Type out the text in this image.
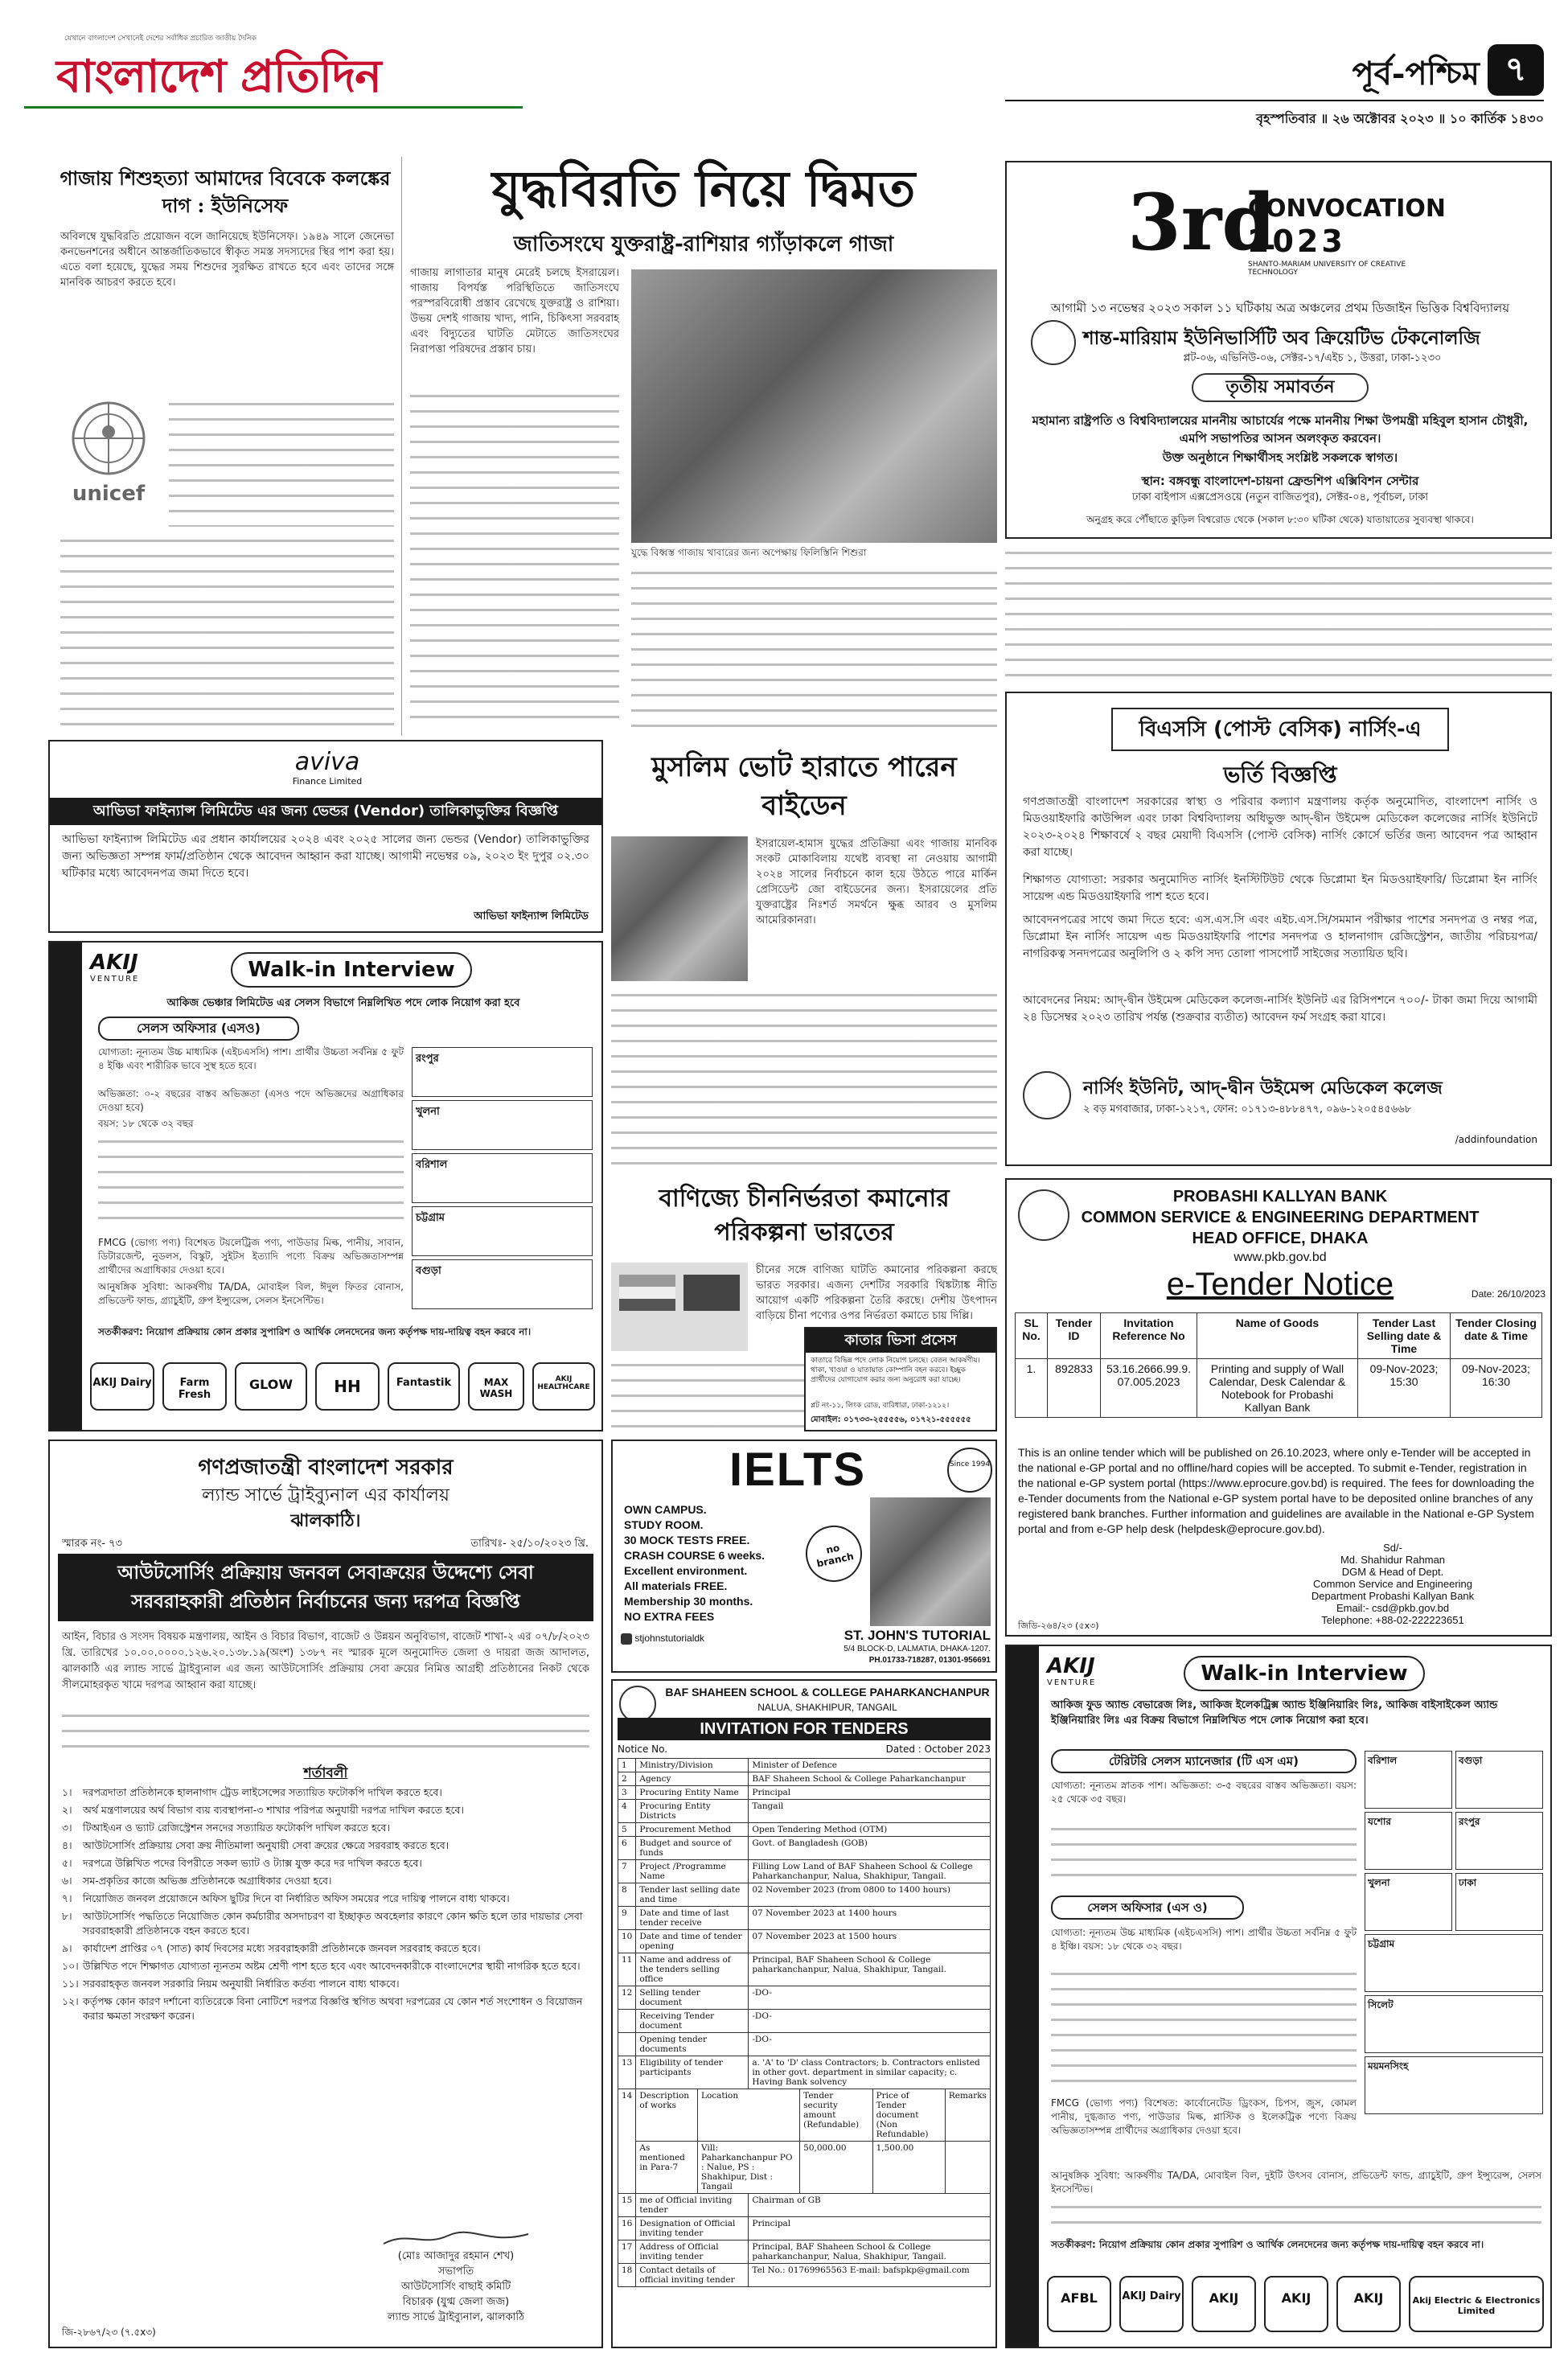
যেখানে বাংলাদেশ সেখানেই দেশের সর্বাধিক প্রচারিত জাতীয় দৈনিক
বাংলাদেশ প্রতিদিন	পূর্ব-পশ্চিম ৭
বৃহস্পতিবার ॥ ২৬ অক্টোবর ২০২৩ ॥ ১০ কার্তিক ১৪৩০
গাজায় শিশুহত্যা আমাদের বিবেকে কলঙ্কের দাগ : ইউনিসেফ
অবিলম্বে যুদ্ধবিরতি প্রয়োজন বলে জানিয়েছে ইউনিসেফ। ১৯৪৯ সালে জেনেভা কনভেনশনের অধীনে আন্তর্জাতিকভাবে স্বীকৃত সমস্ত সদস্যদের স্থির পাশ করা হয়। এতে বলা হয়েছে, যুদ্ধের সময় শিশুদের সুরক্ষিত রাখতে হবে এবং তাদের সঙ্গে মানবিক আচরণ করতে হবে।
unicef
যুদ্ধবিরতি নিয়ে দ্বিমত
জাতিসংঘে যুক্তরাষ্ট্র-রাশিয়ার গ্যাঁড়াকলে গাজা
গাজায় লাগাতার মানুষ মেরেই চলছে ইসরায়েল। গাজায় বিপর্যস্ত পরিস্থিতিতে জাতিসংঘে পরস্পরবিরোধী প্রস্তাব রেখেছে যুক্তরাষ্ট্র ও রাশিয়া। উভয় দেশই গাজায় খাদ্য, পানি, চিকিৎসা সরবরাহ এবং বিদ্যুতের ঘাটতি মেটাতে জাতিসংঘের নিরাপত্তা পরিষদের প্রস্তাব চায়।
যুদ্ধে বিধ্বস্ত গাজায় খাবারের জন্য অপেক্ষায় ফিলিস্তিনি শিশুরা
3rd
CONVOCATION
2023
SHANTO-MARIAM UNIVERSITY OF CREATIVE TECHNOLOGY
আগামী ১৩ নভেম্বর ২০২৩ সকাল ১১ ঘটিকায় অত্র অঞ্চলের প্রথম ডিজাইন ভিত্তিক বিশ্ববিদ্যালয়
শান্ত-মারিয়াম ইউনিভার্সিটি অব ক্রিয়েটিভ টেকনোলজি
প্লট-০৬, এভিনিউ-০৬, সেক্টর-১৭/এইচ ১, উত্তরা, ঢাকা-১২৩০
তৃতীয় সমাবর্তন
মহামান্য রাষ্ট্রপতি ও বিশ্ববিদ্যালয়ের মাননীয় আচার্যের পক্ষে মাননীয় শিক্ষা উপমন্ত্রী মহিবুল হাসান চৌধুরী, এমপি সভাপতির আসন অলংকৃত করবেন।
উক্ত অনুষ্ঠানে শিক্ষার্থীসহ সংশ্লিষ্ট সকলকে স্বাগত।
স্থান: বঙ্গবন্ধু বাংলাদেশ-চায়না ফ্রেন্ডশিপ এক্সিবিশন সেন্টার
ঢাকা বাইপাস এক্সপ্রেসওয়ে (নতুন বাজিতপুর), সেক্টর-০৪, পূর্বাচল, ঢাকা
অনুগ্রহ করে পৌঁছাতে কুড়িল বিশ্বরোড থেকে (সকাল ৮:৩০ ঘটিকা থেকে) যাতায়াতের সুব্যবস্থা থাকবে।
মুসলিম ভোট হারাতে পারেন বাইডেন
ইসরায়েল-হামাস যুদ্ধের প্রতিক্রিয়া এবং গাজায় মানবিক সংকট মোকাবিলায় যথেষ্ট ব্যবস্থা না নেওয়ায় আগামী ২০২৪ সালের নির্বাচনে কাল হয়ে উঠতে পারে মার্কিন প্রেসিডেন্ট জো বাইডেনের জন্য। ইসরায়েলের প্রতি যুক্তরাষ্ট্রের নিঃশর্ত সমর্থনে ক্ষুব্ধ আরব ও মুসলিম আমেরিকানরা।
বিএসসি (পোস্ট বেসিক) নার্সিং-এ
ভর্তি বিজ্ঞপ্তি
গণপ্রজাতন্ত্রী বাংলাদেশ সরকারের স্বাস্থ্য ও পরিবার কল্যাণ মন্ত্রণালয় কর্তৃক অনুমোদিত, বাংলাদেশ নার্সিং ও মিডওয়াইফারি কাউন্সিল এবং ঢাকা বিশ্ববিদ্যালয় অধিভুক্ত আদ্-দ্বীন উইমেন্স মেডিকেল কলেজের নার্সিং ইউনিটে ২০২৩-২০২৪ শিক্ষাবর্ষে ২ বছর মেয়াদী বিএসসি (পোস্ট বেসিক) নার্সিং কোর্সে ভর্তির জন্য আবেদন পত্র আহ্বান করা যাচ্ছে।
শিক্ষাগত যোগ্যতা: সরকার অনুমোদিত নার্সিং ইনস্টিটিউট থেকে ডিপ্লোমা ইন মিডওয়াইফারি/ ডিপ্লোমা ইন নার্সিং সায়েন্স এন্ড মিডওয়াইফারি পাশ হতে হবে।
আবেদনপত্রের সাথে জমা দিতে হবে: এস.এস.সি এবং এইচ.এস.সি/সমমান পরীক্ষার পাশের সনদপত্র ও নম্বর পত্র, ডিপ্লোমা ইন নার্সিং সায়েন্স এন্ড মিডওয়াইফারি পাশের সনদপত্র ও হালনাগাদ রেজিস্ট্রেশন, জাতীয় পরিচয়পত্র/নাগরিকত্ব সনদপত্রের অনুলিপি ও ২ কপি সদ্য তোলা পাসপোর্ট সাইজের সত্যায়িত ছবি।
আবেদনের নিয়ম: আদ্-দ্বীন উইমেন্স মেডিকেল কলেজ-নার্সিং ইউনিট এর রিসিপশনে ৭০০/- টাকা জমা দিয়ে আগামী ২৪ ডিসেম্বর ২০২৩ তারিখ পর্যন্ত (শুক্রবার ব্যতীত) আবেদন ফর্ম সংগ্রহ করা যাবে।
নার্সিং ইউনিট, আদ্-দ্বীন উইমেন্স মেডিকেল কলেজ
২ বড় মগবাজার, ঢাকা-১২১৭, ফোন: ০১৭১৩-৪৮৮৪৭৭, ০৯৬-১২০৫৪৫৬৬৮
/addinfoundation
aviva
Finance Limited
আভিভা ফাইন্যান্স লিমিটেড এর জন্য ভেন্ডর (Vendor) তালিকাভুক্তির বিজ্ঞপ্তি
আভিভা ফাইন্যান্স লিমিটেড এর প্রধান কার্যালয়ের ২০২৪ এবং ২০২৫ সালের জন্য ভেন্ডর (Vendor) তালিকাভুক্তির জন্য অভিজ্ঞতা সম্পন্ন ফার্ম/প্রতিষ্ঠান থেকে আবেদন আহ্বান করা যাচ্ছে। আগামী নভেম্বর ০৯, ২০২৩ ইং দুপুর ০২.৩০ ঘটিকার মধ্যে আবেদনপত্র জমা দিতে হবে।
আভিভা ফাইন্যান্স লিমিটেড
AKIJ
VENTURE	Walk-in Interview
আকিজ ভেঞ্চার লিমিটেড এর সেলস বিভাগে নিম্নলিখিত পদে লোক নিয়োগ করা হবে
সেলস অফিসার (এসও)
যোগ্যতা: নূন্যতম উচ্চ মাধ্যমিক (এইচএসসি) পাশ। প্রার্থীর উচ্চতা সর্বনিম্ন ৫ ফুট ৪ ইঞ্চি এবং শারীরিক ভাবে সুস্থ হতে হবে।
অভিজ্ঞতা: ০-২ বছরের বাস্তব অভিজ্ঞতা (এসও পদে অভিজ্ঞদের অগ্রাধিকার দেওয়া হবে)
বয়স: ১৮ থেকে ৩২ বছর
FMCG (ভোগ্য পণ্য) বিশেষত টয়লেট্রিজ পণ্য, পাউডার মিল্ক, পানীয়, সাবান, ডিটারজেন্ট, নুডলস, বিস্কুট, সুইটস ইত্যাদি পণ্যে বিক্রয় অভিজ্ঞতাসম্পন্ন প্রার্থীদের অগ্রাধিকার দেওয়া হবে।
আনুষঙ্গিক সুবিধা: আকর্ষণীয় TA/DA, মোবাইল বিল, ঈদুল ফিতর বোনাস, প্রভিডেন্ট ফান্ড, গ্র্যাচুইটি, গ্রুপ ইন্স্যুরেন্স, সেলস ইনসেন্টিভ।
রংপুর
খুলনা
বরিশাল
চট্টগ্রাম
বগুড়া
সতর্কীকরণ: নিয়োগ প্রক্রিয়ায় কোন প্রকার সুপারিশ ও আর্থিক লেনদেনের জন্য কর্তৃপক্ষ দায়-দায়িত্ব বহন করবে না।
AKIJ Dairy	Farm Fresh
GLOW	HH	Fantastik	MAX WASH
AKIJ HEALTHCARE
বাণিজ্যে চীননির্ভরতা কমানোর পরিকল্পনা ভারতের
চীনের সঙ্গে বাণিজ্য ঘাটতি কমানোর পরিকল্পনা করছে ভারত সরকার। এজন্য দেশটির সরকারি থিঙ্কট্যাঙ্ক নীতি আয়োগ একটি পরিকল্পনা তৈরি করছে। দেশীয় উৎপাদন বাড়িয়ে চীনা পণ্যের ওপর নির্ভরতা কমাতে চায় দিল্লি।
কাতার ভিসা প্রসেস
কাতারে বিভিন্ন পদে লোক নিয়োগ চলছে। বেতন আকর্ষণীয়। থাকা, খাওয়া ও যাতায়াত কোম্পানি বহন করবে। ইচ্ছুক প্রার্থীদের যোগাযোগ করার জন্য অনুরোধ করা যাচ্ছে।
প্লট নং-১১, লিংক রোড, বারিধারা, ঢাকা-১২১২।
মোবাইল: ০১৭৩৩-২৫৫৫৫৬, ০১৭২১-৫৫৫৫৫৫
PROBASHI KALLYAN BANK
COMMON SERVICE & ENGINEERING DEPARTMENT
HEAD OFFICE, DHAKA
www.pkb.gov.bd
e-Tender Notice	Date: 26/10/2023
SL No.	Tender ID	Invitation Reference No	Name of Goods	Tender Last Selling date & Time	Tender Closing date & Time
1.	892833	53.16.2666.99.9.07.005.2023	Printing and supply of Wall Calendar, Desk Calendar & Notebook for Probashi Kallyan Bank	09-Nov-2023; 15:30	09-Nov-2023; 16:30
This is an online tender which will be published on 26.10.2023, where only e-Tender will be accepted in the national e-GP portal and no offline/hard copies will be accepted. To submit e-Tender, registration in the national e-GP system portal (https://www.eprocure.gov.bd) is required. The fees for downloading the e-Tender documents from the National e-GP system portal have to be deposited online branches of any registered bank branches. Further information and guidelines are available in the National e-GP System portal and from e-GP help desk (helpdesk@eprocure.gov.bd).
Sd/-
Md. Shahidur Rahman
DGM & Head of Dept.
Common Service and Engineering
Department Probashi Kallyan Bank
Email:- csd@pkb.gov.bd
Telephone: +88-02-222223651
জিডি-২৬৪/২৩ (৫x৩)
গণপ্রজাতন্ত্রী বাংলাদেশ সরকার
ল্যান্ড সার্ভে ট্রাইব্যুনাল এর কার্যালয়
ঝালকাঠি।
স্মারক নং- ৭৩	তারিখঃ- ২৫/১০/২০২৩ খ্রি.
আউটসোর্সিং প্রক্রিয়ায় জনবল সেবাক্রয়ের উদ্দেশ্যে সেবা
সরবরাহকারী প্রতিষ্ঠান নির্বাচনের জন্য দরপত্র বিজ্ঞপ্তি
আইন, বিচার ও সংসদ বিষয়ক মন্ত্রণালয়, আইন ও বিচার বিভাগ, বাজেট ও উন্নয়ন অনুবিভাগ, বাজেট শাখা-২ এর ০৭/৮/২০২৩ খ্রি. তারিখের ১০.০০.০০০০.১২৬.২০.১৩৮.১৯(অংশ) ১৩৮৭ নং স্মারক মূলে অনুমোদিত জেলা ও দায়রা জজ আদালত, ঝালকাঠি এর ল্যান্ড সার্ভে ট্রাইব্যুনাল এর জন্য আউটসোর্সিং প্রক্রিয়ায় সেবা ক্রয়ের নিমিত্ত আগ্রহী প্রতিষ্ঠানের নিকট থেকে সীলমোহরকৃত খামে দরপত্র আহ্বান করা যাচ্ছে।
শর্তাবলী
১।	দরপত্রদাতা প্রতিষ্ঠানকে হালনাগাদ ট্রেড লাইসেন্সের সত্যায়িত ফটোকপি দাখিল করতে হবে।
২।	অর্থ মন্ত্রণালয়ের অর্থ বিভাগ ব্যয় ব্যবস্থাপনা-৩ শাখার পরিপত্র অনুযায়ী দরপত্র দাখিল করতে হবে।
৩।	টিআইএন ও ভ্যাট রেজিস্ট্রেশন সনদের সত্যায়িত ফটোকপি দাখিল করতে হবে।
৪।	আউটসোর্সিং প্রক্রিয়ায় সেবা ক্রয় নীতিমালা অনুযায়ী সেবা ক্রয়ের ক্ষেত্রে সরবরাহ করতে হবে।
৫।	দরপত্রে উল্লিখিত পদের বিপরীতে সকল ভ্যাট ও ট্যাক্স যুক্ত করে দর দাখিল করতে হবে।
৬।	সম-প্রকৃতির কাজে অভিজ্ঞ প্রতিষ্ঠানকে অগ্রাধিকার দেওয়া হবে।
৭।	নিয়োজিত জনবল প্রয়োজনে অফিস ছুটির দিনে বা নির্ধারিত অফিস সময়ের পরে দায়িত্ব পালনে বাধ্য থাকবে।
৮।	আউটসোর্সিং পদ্ধতিতে নিয়োজিত কোন কর্মচারীর অসদাচরণ বা ইচ্ছাকৃত অবহেলার কারণে কোন ক্ষতি হলে তার দায়ভার সেবা সরবরাহকারী প্রতিষ্ঠানকে বহন করতে হবে।
৯।	কার্যাদেশ প্রাপ্তির ০৭ (সাত) কার্য দিবসের মধ্যে সরবরাহকারী প্রতিষ্ঠানকে জনবল সরবরাহ করতে হবে।
১০। উল্লিখিত পদে শিক্ষাগত যোগ্যতা ন্যূনতম অষ্টম শ্রেণী পাশ হতে হবে এবং আবেদনকারীকে বাংলাদেশের স্থায়ী নাগরিক হতে হবে।
১১। সরবরাহকৃত জনবল সরকারি নিয়ম অনুযায়ী নির্ধারিত কর্তব্য পালনে বাধ্য থাকবে।
১২। কর্তৃপক্ষ কোন কারণ দর্শানো ব্যতিরেকে বিনা নোটিশে দরপত্র বিজ্ঞপ্তি স্থগিত অথবা দরপত্রের যে কোন শর্ত সংশোধন ও বিয়োজন করার ক্ষমতা সংরক্ষণ করেন।
(মোঃ আজাদুর রহমান শেখ)
সভাপতি
আউটসোর্সিং বাছাই কমিটি
বিচারক (যুগ্ম জেলা জজ)
ল্যান্ড সার্ভে ট্রাইব্যুনাল, ঝালকাঠি
জি-২৮৬৭/২৩ (৭.৫x৩)
IELTS	Since 1994
OWN CAMPUS.
STUDY ROOM.
30 MOCK TESTS FREE.
CRASH COURSE 6 weeks.
Excellent environment.
All materials FREE.
Membership 30 months.
NO EXTRA FEES
no branch
stjohnstutorialdk	ST. JOHN'S TUTORIAL
5/4 BLOCK-D, LALMATIA, DHAKA-1207.
PH.01733-718287, 01301-956691
BAF SHAHEEN SCHOOL & COLLEGE PAHARKANCHANPUR
NALUA, SHAKHIPUR, TANGAIL
INVITATION FOR TENDERS
Notice No.	Dated : October 2023
1	Ministry/Division	Minister of Defence
2	Agency	BAF Shaheen School & College Paharkanchanpur
3	Procuring Entity Name	Principal
4	Procuring Entity Districts	Tangail
5	Procurement Method	Open Tendering Method (OTM)
6	Budget and source of funds	Govt. of Bangladesh (GOB)
7	Project /Programme Name	Filling Low Land of BAF Shaheen School & College Paharkanchanpur, Nalua, Shakhipur, Tangail.
8	Tender last selling date and time	02 November 2023 (from 0800 to 1400 hours)
9	Date and time of last tender receive	07 November 2023 at 1400 hours
10	Date and time of tender opening	07 November 2023 at 1500 hours
11	Name and address of the tenders selling office	Principal, BAF Shaheen School & College paharkanchanpur, Nalua, Shakhipur, Tangail.
12	Selling tender document	-DO-
	Receiving Tender document	-DO-
	Opening tender documents	-DO-
13	Eligibility of tender participants	a. 'A' to 'D' class Contractors; b. Contractors enlisted in other govt. department in similar capacity; c. Having Bank solvency
14	Description of works	Location	Tender security amount (Refundable)	Price of Tender document (Non Refundable)	Remarks
	As mentioned in Para-7	Vill: Paharkanchanpur PO : Nalue, PS : Shakhipur, Dist : Tangail	50,000.00	1,500.00	
15	me of Official inviting tender	Chairman of GB
16	Designation of Official inviting tender	Principal
17	Address of Official inviting tender	Principal, BAF Shaheen School & College paharkanchanpur, Nalua, Shakhipur, Tangail.
18	Contact details of official inviting tender	Tel No.: 01769965563 E-mail: bafspkp@gmail.com
AKIJ
VENTURE	Walk-in Interview
আকিজ ফুড অ্যান্ড বেভারেজ লিঃ, আকিজ ইলেকট্রিক্স অ্যান্ড ইঞ্জিনিয়ারিং লিঃ, আকিজ বাইসাইকেল অ্যান্ড ইঞ্জিনিয়ারিং লিঃ এর বিক্রয় বিভাগে নিম্নলিখিত পদে লোক নিয়োগ করা হবে।
টেরিটরি সেলস ম্যানেজার (টি এস এম)
যোগ্যতা: নূন্যতম স্নাতক পাশ। অভিজ্ঞতা: ৩-৫ বছরের বাস্তব অভিজ্ঞতা। বয়স: ২৫ থেকে ৩৫ বছর।
সেলস অফিসার (এস ও)
যোগ্যতা: নূন্যতম উচ্চ মাধ্যমিক (এইচএসসি) পাশ। প্রার্থীর উচ্চতা সর্বনিম্ন ৫ ফুট ৪ ইঞ্চি। বয়স: ১৮ থেকে ৩২ বছর।
বরিশাল	বগুড়া
যশোর	রংপুর
খুলনা	ঢাকা
চট্টগ্রাম
সিলেট
ময়মনসিংহ
FMCG (ভোগ্য পণ্য) বিশেষত: কার্বোনেটেড ড্রিংকস, চিপস, জুস, কোমল পানীয়, দুগ্ধজাত পণ্য, পাউডার মিল্ক, প্লাস্টিক ও ইলেকট্রিক পণ্যে বিক্রয় অভিজ্ঞতাসম্পন্ন প্রার্থীদের অগ্রাধিকার দেওয়া হবে।
আনুষঙ্গিক সুবিধা: আকর্ষণীয় TA/DA, মোবাইল বিল, দুইটি উৎসব বোনাস, প্রভিডেন্ট ফান্ড, গ্র্যাচুইটি, গ্রুপ ইন্স্যুরেন্স, সেলস ইনসেন্টিভ।
সতর্কীকরণ: নিয়োগ প্রক্রিয়ায় কোন প্রকার সুপারিশ ও আর্থিক লেনদেনের জন্য কর্তৃপক্ষ দায়-দায়িত্ব বহন করবে না।
AFBL	AKIJ Dairy	AKIJ	AKIJ	AKIJ	Akij Electric & Electronics Limited
